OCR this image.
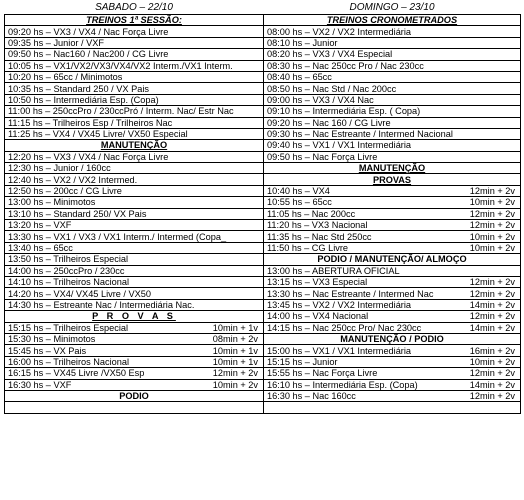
SABADO – 22/10	DOMINGO – 23/10
TREINOS 1ª SESSÃO:	TREINOS CRONOMETRADOS
09:20 hs – VX3 / VX4 / Nac Força Livre	08:00 hs – VX2 / VX2 Intermediária
09:35 hs – Junior / VXF	08:10 hs – Junior
09:50 hs – Nac160 / Nac200 / CG Livre	08:20 hs – VX3 / VX4 Especial
10:05 hs – VX1/VX2/VX3/VX4/VX2 Interm./VX1 Interm.	08:30 hs – Nac 250cc Pro / Nac 230cc
10:20 hs – 65cc / Minimotos	08:40 hs – 65cc
10:35 hs – Standard 250 / VX Pais	08:50 hs – Nac Std / Nac 200cc
10:50 hs – Intermediária Esp. (Copa)	09:00 hs – VX3 / VX4 Nac
11:00 hs – 250ccPro / 230ccPró / Interm. Nac/ Estr Nac	09:10 hs – Intermediária Esp. ( Copa)
11:15 hs – Trilheiros Esp / Trilheiros Nac	09:20 hs – Nac 160 / CG Livre
11:25 hs – VX4 / VX45 Livre/ VX50 Especial	09:30 hs – Nac Estreante / Intermed Nacional
MANUTENÇÃO	09:40 hs – VX1 / VX1 Intermediária
12:20 hs – VX3 / VX4 / Nac Força Livre	09:50 hs – Nac Força Livre
12:30 hs – Junior / 160cc	MANUTENÇÃO
12:40 hs – VX2 / VX2 Intermed.	PROVAS
12:50 hs – 200cc / CG Livre	10:40 hs – VX4 12min + 2v

13:00 hs – Minimotos	10:55 hs – 65cc 10min + 2v

13:10 hs – Standard 250/ VX Pais	11:05 hs – Nac 200cc 12min + 2v

13:20 hs – VXF	11:20 hs – VX3 Nacional 12min + 2v

13:30 hs – VX1 / VX3 / VX1 Interm./ Intermed (Copa_	11:35 hs – Nac Std 250cc 10min + 2v

13:40 hs – 65cc	11:50 hs – CG Livre 10min + 2v

13:50 hs – Trilheiros Especial	PODIO / MANUTENÇÃO/ ALMOÇO
14:00 hs – 250ccPro / 230cc	13:00 hs – ABERTURA OFICIAL
14:10 hs – Trilheiros Nacional	13:15 hs – VX3 Especial 12min + 2v

14:20 hs – VX4/ VX45 Livre / VX50	13:30 hs – Nac Estreante / Intermed Nac 12min + 2v

14:30 hs – Estreante Nac / Intermediária Nac.	13:45 hs – VX2 / VX2 Intermediária 14min + 2v

P R O V A S	14:00 hs – VX4 Nacional 12min + 2v

15:15 hs – Trilheiros Especial 10min + 1v	14:15 hs – Nac 250cc Pro/ Nac 230cc 14min + 2v

15:30 hs – Minimotos 08min + 2v	MANUTENÇÃO / PODIO

15:45 hs – VX Pais 10min + 1v	15:00 hs – VX1 / VX1 Intermediária 16min + 2v

16:00 hs – Trilheiros Nacional 10min + 1v	15:15 hs – Junior 10min + 2v

16:15 hs – VX45 Livre /VX50 Esp 12min + 2v	15:55 hs – Nac Força Livre 12min + 2v

16:30 hs – VXF 10min + 2v	16:10 hs – Intermediária Esp. (Copa) 14min + 2v

PODIO	16:30 hs – Nac 160cc 12min + 2v
